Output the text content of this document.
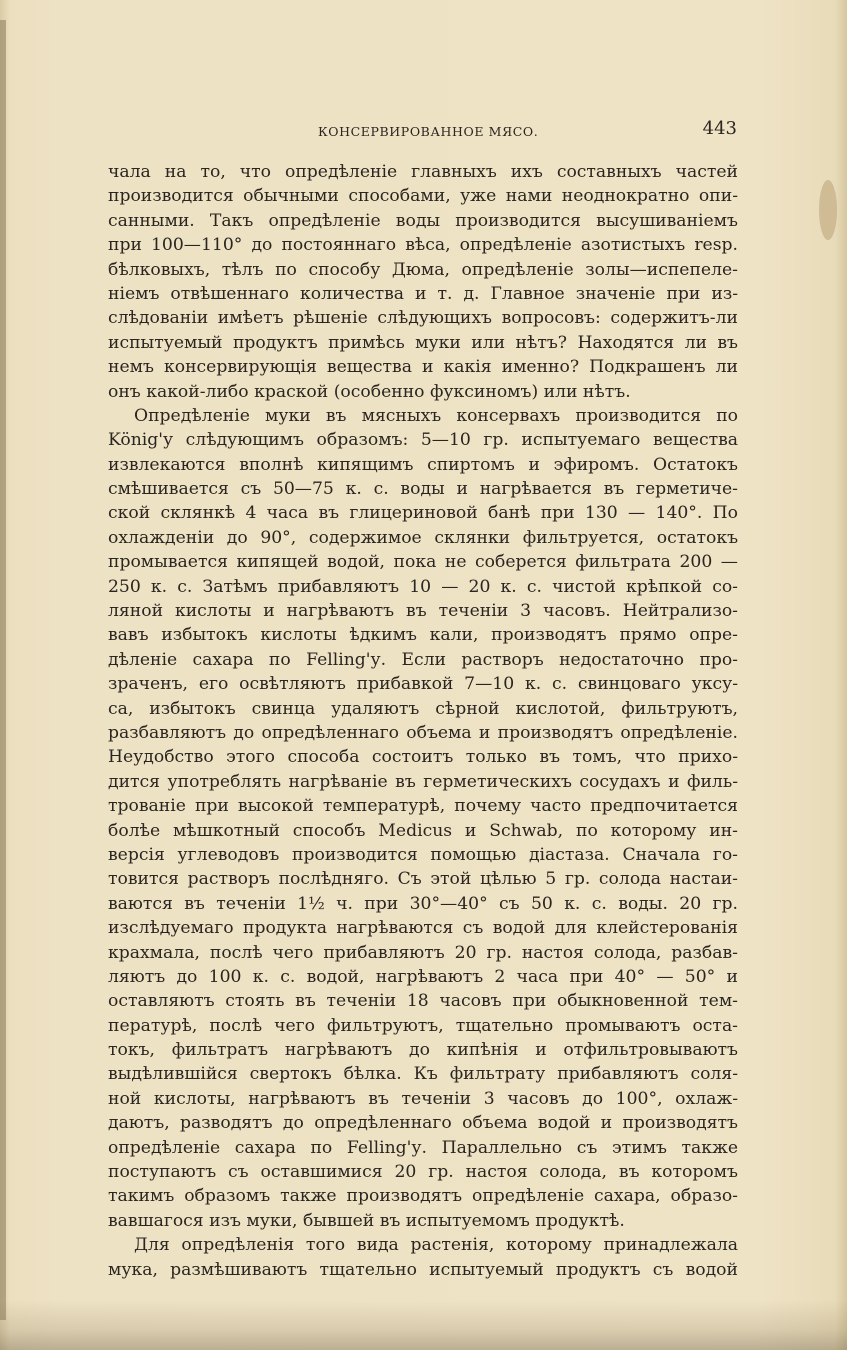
КОНСЕРВИРОВАННОЕ МЯСО.	443
чала на то, что опредѣленіе главныхъ ихъ составныхъ частей
производится обычными способами, уже нами неоднократно опи-
санными. Такъ опредѣленіе воды производится высушиваніемъ
при 100—110° до постояннаго вѣса, опредѣленіе азотистыхъ resp.
бѣлковыхъ, тѣлъ по способу Дюма, опредѣленіе золы—испепеле-
ніемъ отвѣшеннаго количества и т. д. Главное значеніе при из-
слѣдованіи имѣетъ рѣшеніе слѣдующихъ вопросовъ: содержитъ-ли
испытуемый продуктъ примѣсь муки или нѣтъ? Находятся ли въ
немъ консервирующія вещества и какія именно? Подкрашенъ ли
онъ какой-либо краской (особенно фуксиномъ) или нѣтъ.
Опредѣленіе муки въ мясныхъ консервахъ производится по
König'у слѣдующимъ образомъ: 5—10 гр. испытуемаго вещества
извлекаются вполнѣ кипящимъ спиртомъ и эфиромъ. Остатокъ
смѣшивается съ 50—75 к. с. воды и нагрѣвается въ герметиче-
ской склянкѣ 4 часа въ глицериновой банѣ при 130 — 140°. По
охлажденіи до 90°, содержимое склянки фильтруется, остатокъ
промывается кипящей водой, пока не соберется фильтрата 200 —
250 к. с. Затѣмъ прибавляютъ 10 — 20 к. с. чистой крѣпкой со-
ляной кислоты и нагрѣваютъ въ теченіи 3 часовъ. Нейтрализо-
вавъ избытокъ кислоты ѣдкимъ кали, производятъ прямо опре-
дѣленіе сахара по Felling'у. Если растворъ недостаточно про-
зраченъ, его освѣтляютъ прибавкой 7—10 к. с. свинцоваго уксу-
са, избытокъ свинца удаляютъ сѣрной кислотой, фильтруютъ,
разбавляютъ до опредѣленнаго объема и производятъ опредѣленіе.
Неудобство этого способа состоитъ только въ томъ, что прихо-
дится употреблять нагрѣваніе въ герметическихъ сосудахъ и филь-
трованіе при высокой температурѣ, почему часто предпочитается
болѣе мѣшкотный способъ Medicus и Schwab, по которому ин-
версія углеводовъ производится помощью діастаза. Сначала го-
товится растворъ послѣдняго. Съ этой цѣлью 5 гр. солода настаи-
ваются въ теченіи 1½ ч. при 30°—40° съ 50 к. с. воды. 20 гр.
изслѣдуемаго продукта нагрѣваются съ водой для клейстерованія
крахмала, послѣ чего прибавляютъ 20 гр. настоя солода, разбав-
ляютъ до 100 к. с. водой, нагрѣваютъ 2 часа при 40° — 50° и
оставляютъ стоять въ теченіи 18 часовъ при обыкновенной тем-
пературѣ, послѣ чего фильтруютъ, тщательно промываютъ оста-
токъ, фильтратъ нагрѣваютъ до кипѣнія и отфильтровываютъ
выдѣлившійся свертокъ бѣлка. Къ фильтрату прибавляютъ соля-
ной кислоты, нагрѣваютъ въ теченіи 3 часовъ до 100°, охлаж-
даютъ, разводятъ до опредѣленнаго объема водой и производятъ
опредѣленіе сахара по Felling'у. Параллельно съ этимъ также
поступаютъ съ оставшимися 20 гр. настоя солода, въ которомъ
такимъ образомъ также производятъ опредѣленіе сахара, образо-
вавшагося изъ муки, бывшей въ испытуемомъ продуктѣ.
Для опредѣленія того вида растенія, которому принадлежала
мука, размѣшиваютъ тщательно испытуемый продуктъ съ водой
